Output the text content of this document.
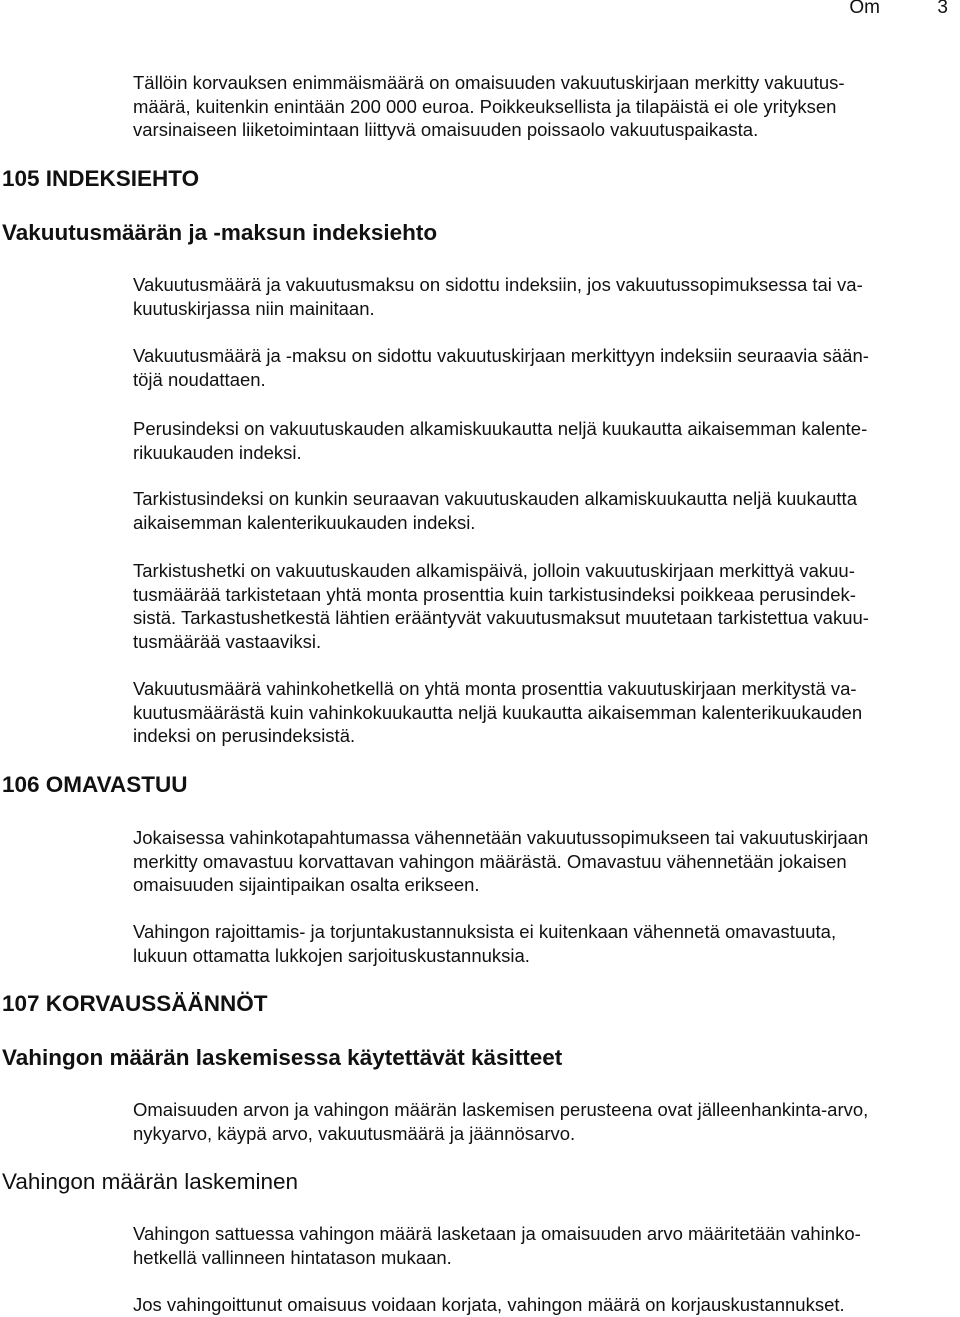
Om	3

Tällöin korvauksen enimmäismäärä on omaisuuden vakuutuskirjaan merkitty vakuutus-
määrä, kuitenkin enintään 200 000 euroa. Poikkeuksellista ja tilapäistä ei ole yrityksen
varsinaiseen liiketoimintaan liittyvä omaisuuden poissaolo vakuutuspaikasta.

105 INDEKSIEHTO
Vakuutusmäärän ja -maksun indeksiehto

Vakuutusmäärä ja vakuutusmaksu on sidottu indeksiin, jos vakuutussopimuksessa tai va-
kuutuskirjassa niin mainitaan.

Vakuutusmäärä ja -maksu on sidottu vakuutuskirjaan merkittyyn indeksiin seuraavia sään-
töjä noudattaen.

Perusindeksi on vakuutuskauden alkamiskuukautta neljä kuukautta aikaisemman kalente-
rikuukauden indeksi.

Tarkistusindeksi on kunkin seuraavan vakuutuskauden alkamiskuukautta neljä kuukautta
aikaisemman kalenterikuukauden indeksi.

Tarkistushetki on vakuutuskauden alkamispäivä, jolloin vakuutuskirjaan merkittyä vakuu-
tusmäärää tarkistetaan yhtä monta prosenttia kuin tarkistusindeksi poikkeaa perusindek-
sistä. Tarkastushetkestä lähtien erääntyvät vakuutusmaksut muutetaan tarkistettua vakuu-
tusmäärää vastaaviksi.

Vakuutusmäärä vahinkohetkellä on yhtä monta prosenttia vakuutuskirjaan merkitystä va-
kuutusmäärästä kuin vahinkokuukautta neljä kuukautta aikaisemman kalenterikuukauden
indeksi on perusindeksistä.

106 OMAVASTUU

Jokaisessa vahinkotapahtumassa vähennetään vakuutussopimukseen tai vakuutuskirjaan
merkitty omavastuu korvattavan vahingon määrästä. Omavastuu vähennetään jokaisen
omaisuuden sijaintipaikan osalta erikseen.

Vahingon rajoittamis- ja torjuntakustannuksista ei kuitenkaan vähennetä omavastuuta,
lukuun ottamatta lukkojen sarjoituskustannuksia.

107 KORVAUSSÄÄNNÖT
Vahingon määrän laskemisessa käytettävät käsitteet

Omaisuuden arvon ja vahingon määrän laskemisen perusteena ovat jälleenhankinta-arvo,
nykyarvo, käypä arvo, vakuutusmäärä ja jäännösarvo.

Vahingon määrän laskeminen

Vahingon sattuessa vahingon määrä lasketaan ja omaisuuden arvo määritetään vahinko-
hetkellä vallinneen hintatason mukaan.

Jos vahingoittunut omaisuus voidaan korjata, vahingon määrä on korjauskustannukset.
